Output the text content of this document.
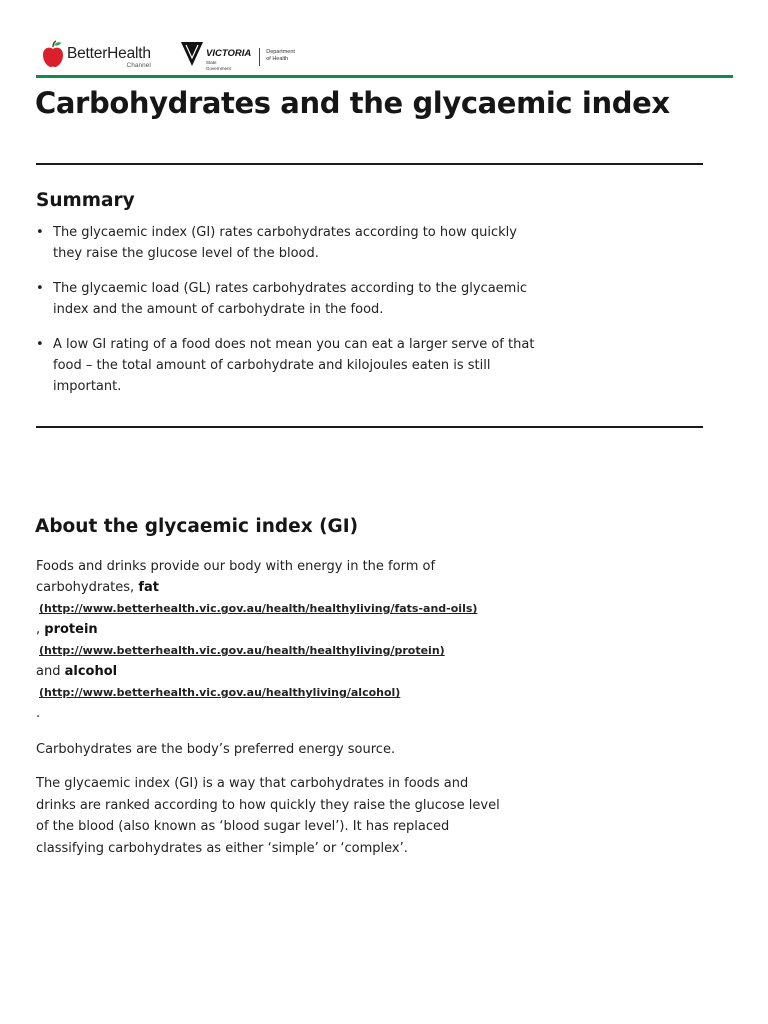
BetterHealth
Channel
VICTORIA
State
Government
Department
of Health
Carbohydrates and the glycaemic index
Summary
• The glycaemic index (GI) rates carbohydrates according to how quickly they raise the glucose level of the blood.
• The glycaemic load (GL) rates carbohydrates according to the glycaemic index and the amount of carbohydrate in the food.
• A low GI rating of a food does not mean you can eat a larger serve of that food – the total amount of carbohydrate and kilojoules eaten is still important.
About the glycaemic index (GI)

Foods and drinks provide our body with energy in the form of carbohydrates, fat

(http://www.betterhealth.vic.gov.au/health/healthyliving/fats-and-oils)

, protein

(http://www.betterhealth.vic.gov.au/health/healthyliving/protein)

and alcohol

(http://www.betterhealth.vic.gov.au/healthyliving/alcohol)

.

Carbohydrates are the body’s preferred energy source.

The glycaemic index (GI) is a way that carbohydrates in foods and drinks are ranked according to how quickly they raise the glucose level of the blood (also known as ‘blood sugar level’). It has replaced classifying carbohydrates as either ‘simple’ or ‘complex’.
